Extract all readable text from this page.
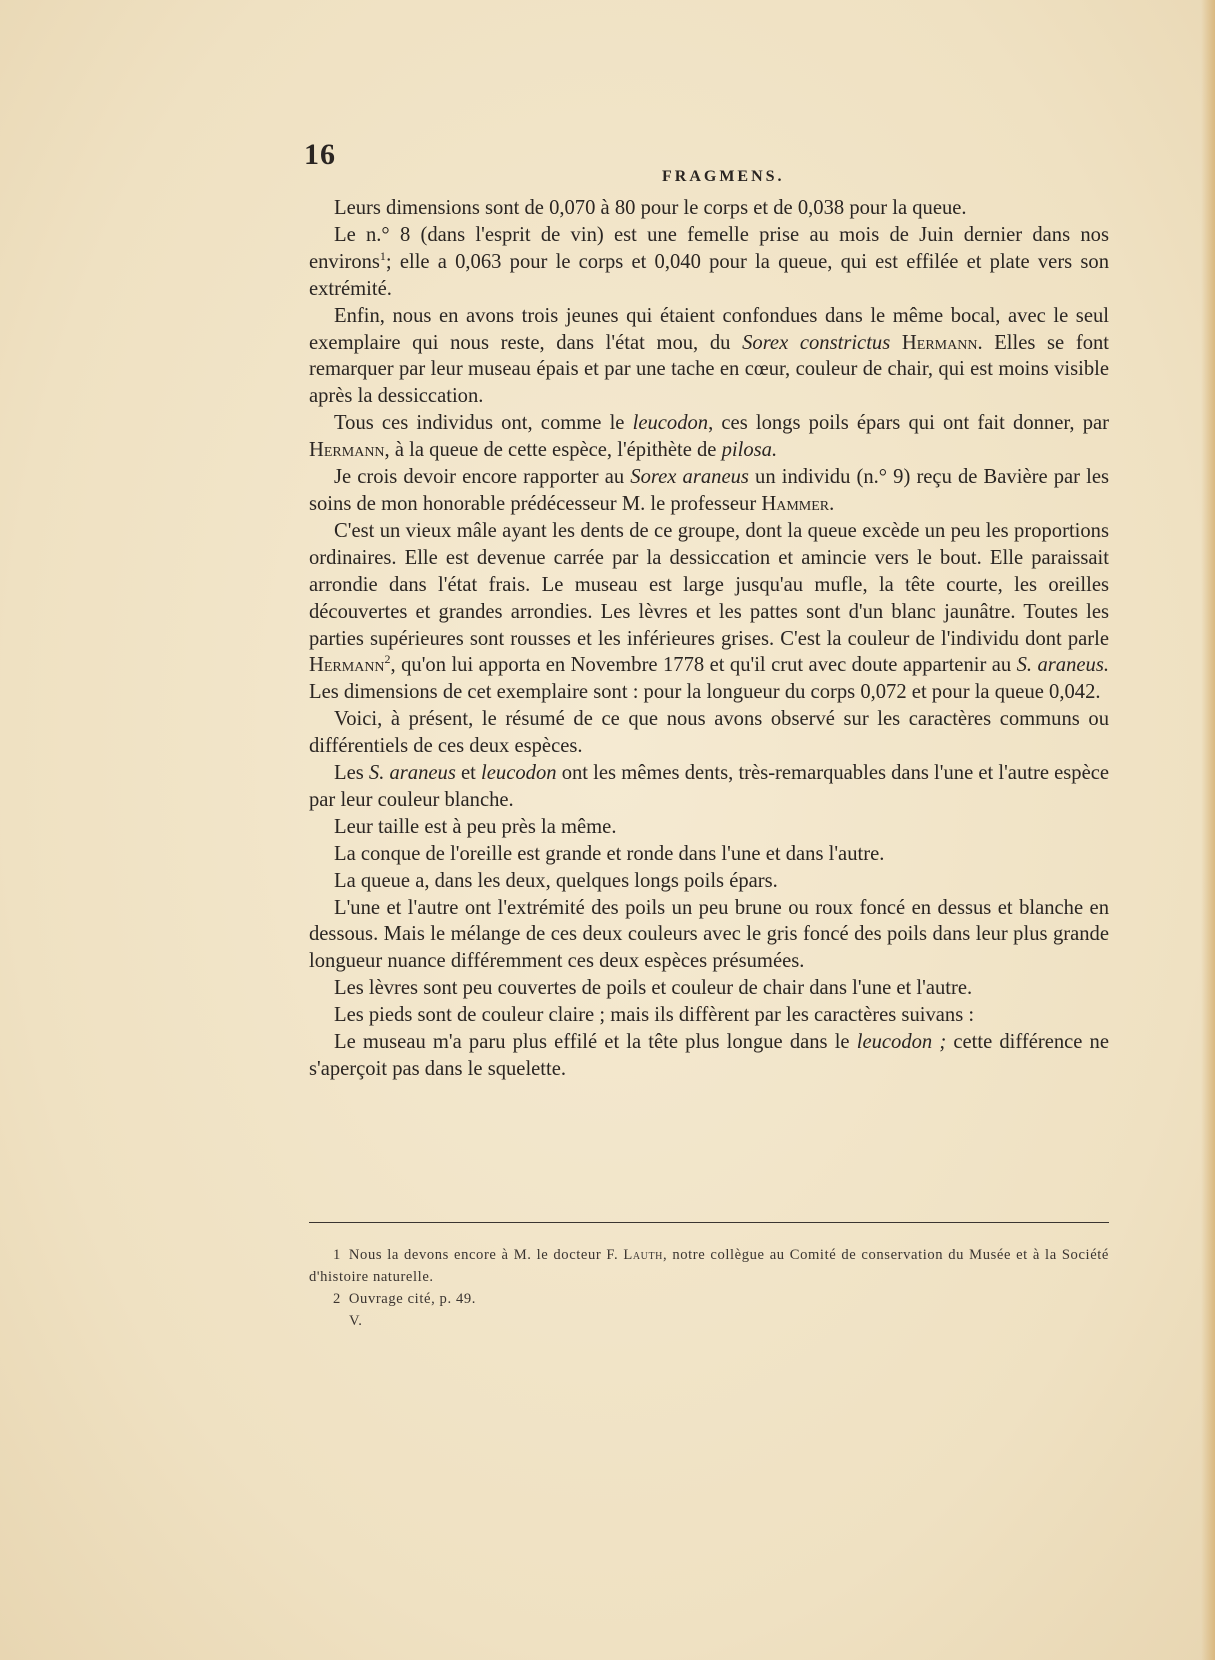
16
FRAGMENS.

Leurs dimensions sont de 0,070 à 80 pour le corps et de 0,038 pour la queue.

Le n.° 8 (dans l'esprit de vin) est une femelle prise au mois de Juin dernier dans nos environs$^1$; elle a 0,063 pour le corps et 0,040 pour la queue, qui est effilée et plate vers son extrémité.

Enfin, nous en avons trois jeunes qui étaient confondues dans le même bocal, avec le seul exemplaire qui nous reste, dans l'état mou, du Sorex constrictus Hermann. Elles se font remarquer par leur museau épais et par une tache en cœur, couleur de chair, qui est moins visible après la dessiccation.

Tous ces individus ont, comme le leucodon, ces longs poils épars qui ont fait donner, par Hermann, à la queue de cette espèce, l'épithète de pilosa.

Je crois devoir encore rapporter au Sorex araneus un individu (n.° 9) reçu de Bavière par les soins de mon honorable prédécesseur M. le professeur Hammer.

C'est un vieux mâle ayant les dents de ce groupe, dont la queue excède un peu les proportions ordinaires. Elle est devenue carrée par la dessiccation et amincie vers le bout. Elle paraissait arrondie dans l'état frais. Le museau est large jusqu'au mufle, la tête courte, les oreilles découvertes et grandes arrondies. Les lèvres et les pattes sont d'un blanc jaunâtre. Toutes les parties supérieures sont rousses et les inférieures grises. C'est la couleur de l'individu dont parle Hermann$^2$, qu'on lui apporta en Novembre 1778 et qu'il crut avec doute appartenir au S. araneus. Les dimensions de cet exemplaire sont : pour la longueur du corps 0,072 et pour la queue 0,042.

Voici, à présent, le résumé de ce que nous avons observé sur les caractères communs ou différentiels de ces deux espèces.

Les S. araneus et leucodon ont les mêmes dents, très-remarquables dans l'une et l'autre espèce par leur couleur blanche.

Leur taille est à peu près la même.

La conque de l'oreille est grande et ronde dans l'une et dans l'autre.

La queue a, dans les deux, quelques longs poils épars.

L'une et l'autre ont l'extrémité des poils un peu brune ou roux foncé en dessus et blanche en dessous. Mais le mélange de ces deux couleurs avec le gris foncé des poils dans leur plus grande longueur nuance différemment ces deux espèces présumées.

Les lèvres sont peu couvertes de poils et couleur de chair dans l'une et l'autre.

Les pieds sont de couleur claire ; mais ils diffèrent par les caractères suivans :

Le museau m'a paru plus effilé et la tête plus longue dans le leucodon ; cette différence ne s'aperçoit pas dans le squelette.

1 Nous la devons encore à M. le docteur F. Lauth, notre collègue au Comité de conservation du Musée et à la Société d'histoire naturelle.

2 Ouvrage cité, p. 49.

V.
